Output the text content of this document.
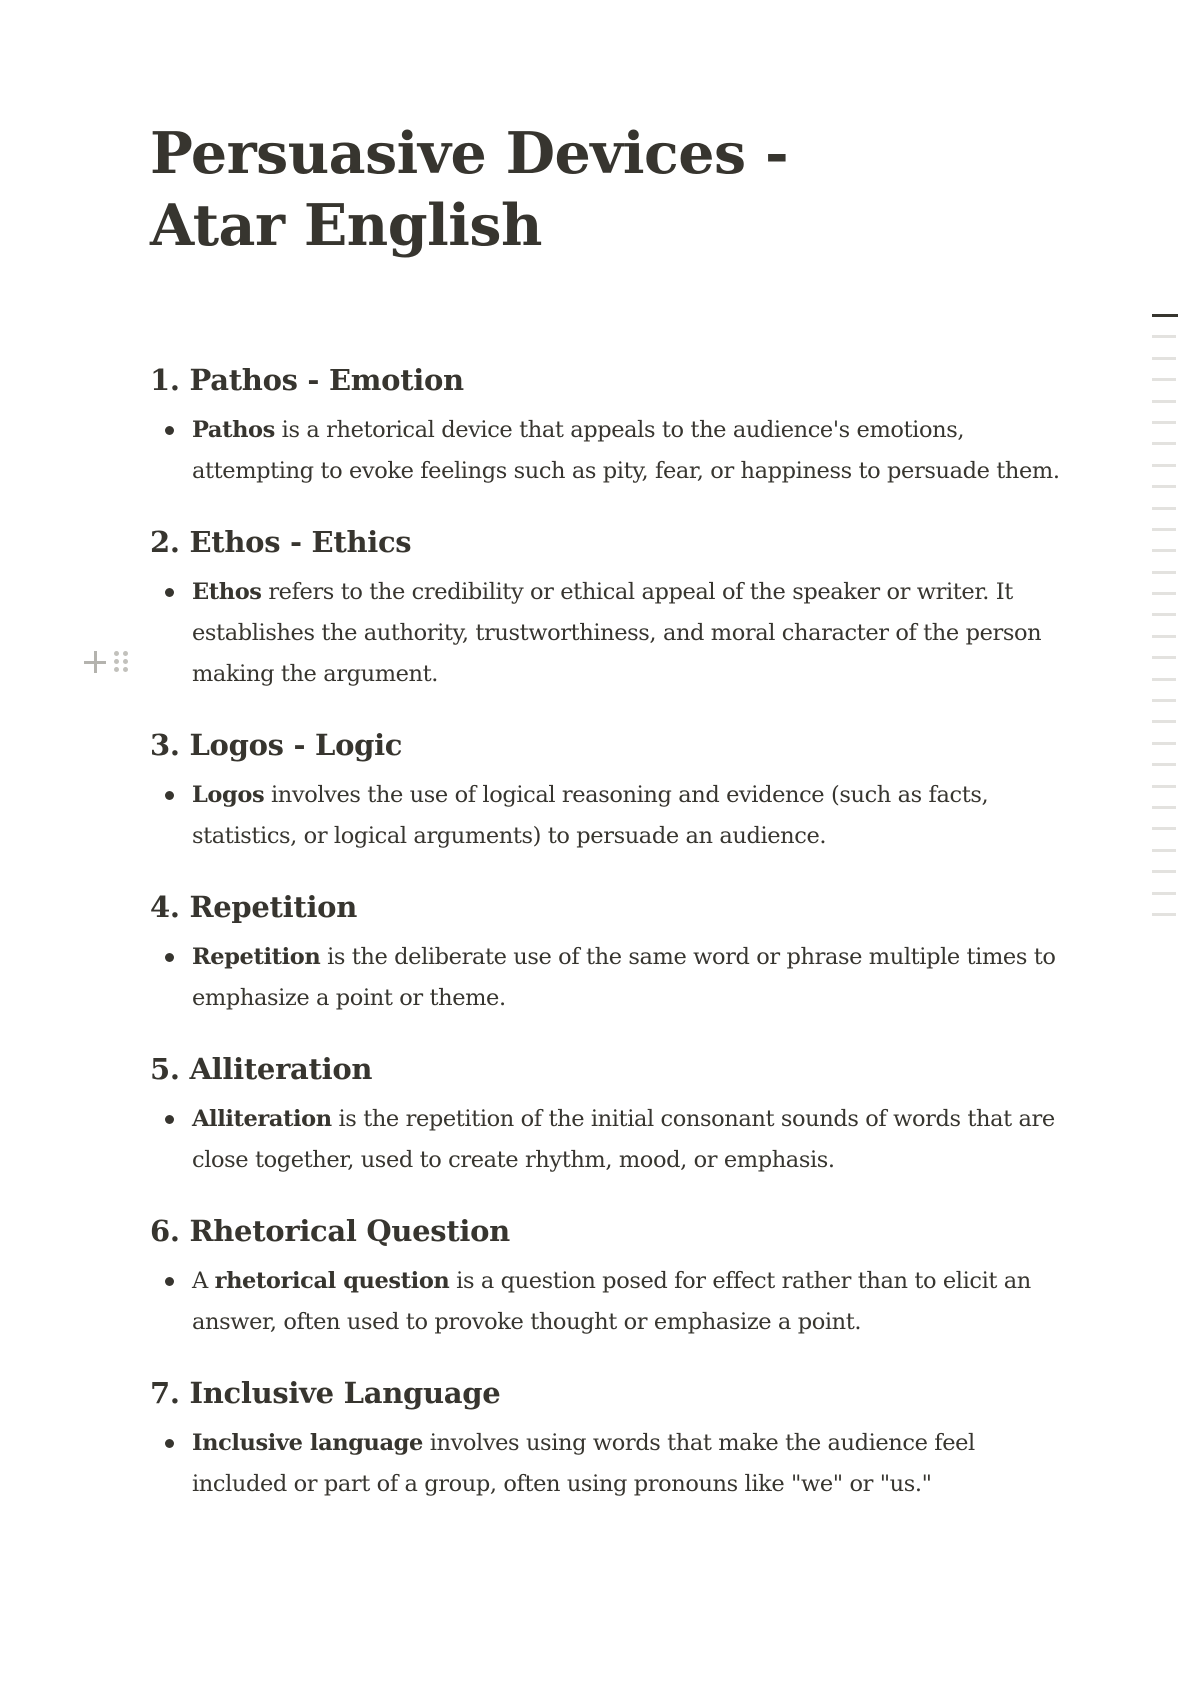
Persuasive Devices - Atar English
1. Pathos - Emotion
Pathos is a rhetorical device that appeals to the audience's emotions, attempting to evoke feelings such as pity, fear, or happiness to persuade them.
2. Ethos - Ethics
Ethos refers to the credibility or ethical appeal of the speaker or writer. It establishes the authority, trustworthiness, and moral character of the person making the argument.
3. Logos - Logic
Logos involves the use of logical reasoning and evidence (such as facts, statistics, or logical arguments) to persuade an audience.
4. Repetition
Repetition is the deliberate use of the same word or phrase multiple times to emphasize a point or theme.
5. Alliteration
Alliteration is the repetition of the initial consonant sounds of words that are close together, used to create rhythm, mood, or emphasis.
6. Rhetorical Question
A rhetorical question is a question posed for effect rather than to elicit an answer, often used to provoke thought or emphasize a point.
7. Inclusive Language
Inclusive language involves using words that make the audience feel included or part of a group, often using pronouns like "we" or "us."
